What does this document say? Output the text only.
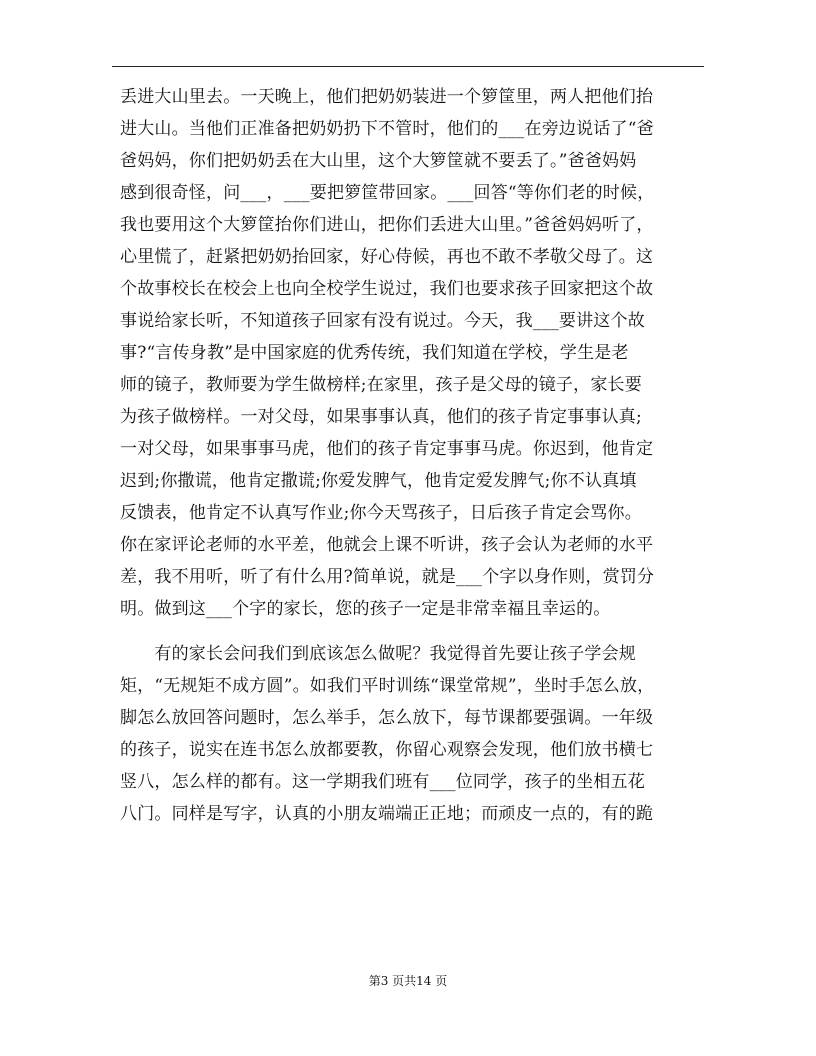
丢进大山里去。一天晚上，他们把奶奶装进一个箩筐里，两人把他们抬
进大山。当他们正准备把奶奶扔下不管时，他们的___在旁边说话了“爸
爸妈妈，你们把奶奶丢在大山里，这个大箩筐就不要丢了。”爸爸妈妈
感到很奇怪，问___，___要把箩筐带回家。___回答“等你们老的时候，
我也要用这个大箩筐抬你们进山，把你们丢进大山里。”爸爸妈妈听了，
心里慌了，赶紧把奶奶抬回家，好心侍候，再也不敢不孝敬父母了。这
个故事校长在校会上也向全校学生说过，我们也要求孩子回家把这个故
事说给家长听，不知道孩子回家有没有说过。今天，我___要讲这个故
事?“言传身教”是中国家庭的优秀传统，我们知道在学校，学生是老
师的镜子，教师要为学生做榜样;在家里，孩子是父母的镜子，家长要
为孩子做榜样。一对父母，如果事事认真，他们的孩子肯定事事认真;
一对父母，如果事事马虎，他们的孩子肯定事事马虎。你迟到，他肯定
迟到;你撒谎，他肯定撒谎;你爱发脾气，他肯定爱发脾气;你不认真填
反馈表，他肯定不认真写作业;你今天骂孩子，日后孩子肯定会骂你。
你在家评论老师的水平差，他就会上课不听讲，孩子会认为老师的水平
差，我不用听，听了有什么用?简单说，就是___个字以身作则，赏罚分
明。做到这___个字的家长，您的孩子一定是非常幸福且幸运的。
　　有的家长会问我们到底该怎么做呢？我觉得首先要让孩子学会规
矩，“无规矩不成方圆”。如我们平时训练“课堂常规”，坐时手怎么放，
脚怎么放回答问题时，怎么举手，怎么放下，每节课都要强调。一年级
的孩子，说实在连书怎么放都要教，你留心观察会发现，他们放书横七
竖八，怎么样的都有。这一学期我们班有___位同学，孩子的坐相五花
八门。同样是写字，认真的小朋友端端正正地；而顽皮一点的，有的跪
第3 页共14 页
